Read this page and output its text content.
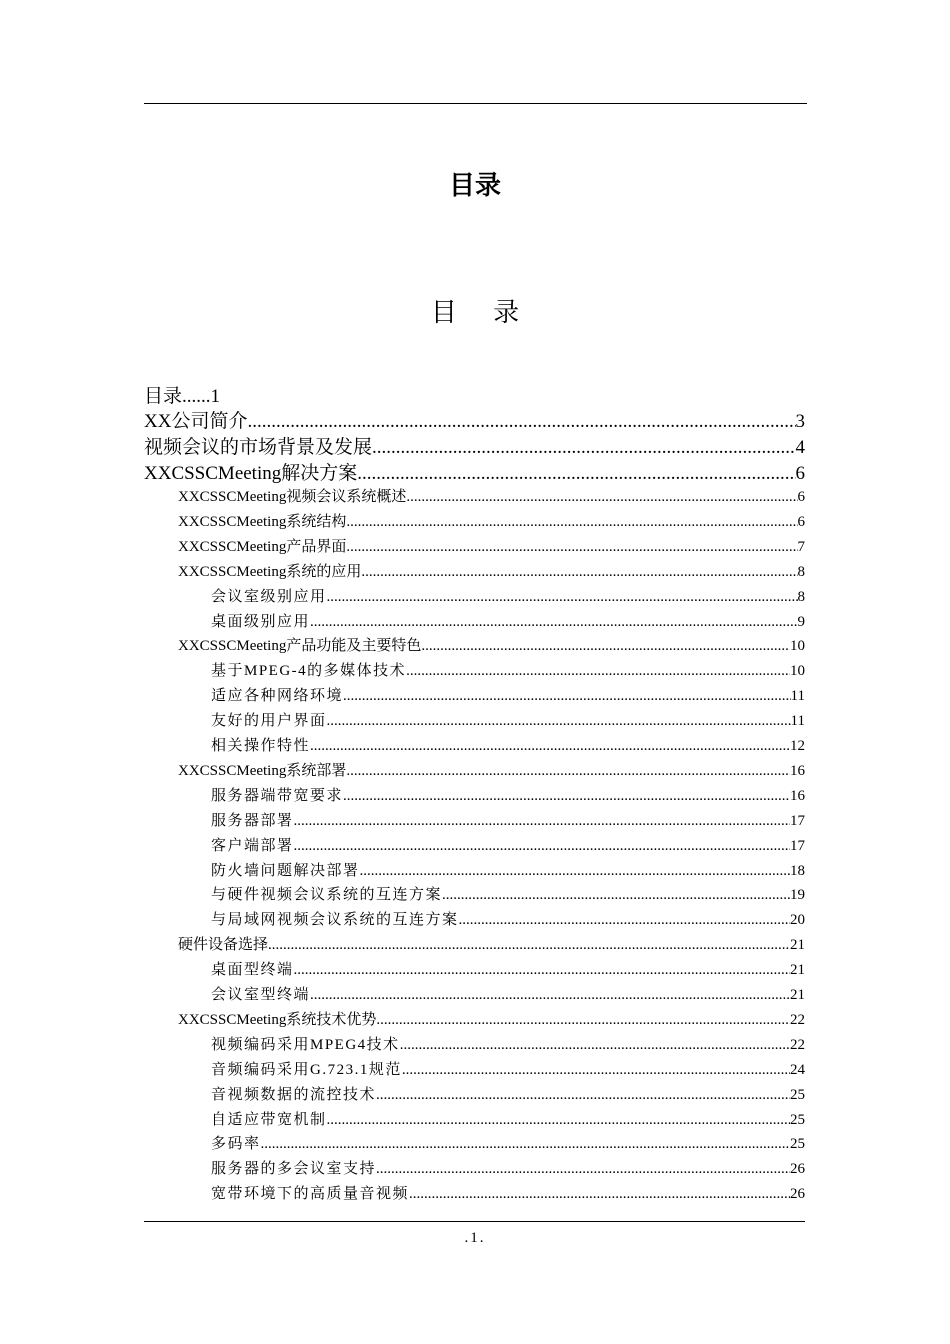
目录
目 录
目录......1
XX公司简介 .....	3
视频会议的市场背景及发展 .....	4
XXCSSCMeeting解决方案 .....	6
XXCSSCMeeting视频会议系统概述 .....	6
XXCSSCMeeting系统结构 .....	6
XXCSSCMeeting产品界面 .....	7
XXCSSCMeeting系统的应用 .....	8
会议室级别应用 .....	8
桌面级别应用 .....	9
XXCSSCMeeting产品功能及主要特色 .....	10
基于MPEG-4的多媒体技术 .....	10
适应各种网络环境 .....	11
友好的用户界面 .....	11
相关操作特性 .....	12
XXCSSCMeeting系统部署 .....	16
服务器端带宽要求 .....	16
服务器部署 .....	17
客户端部署 .....	17
防火墙问题解决部署 .....	18
与硬件视频会议系统的互连方案 .....	19
与局域网视频会议系统的互连方案 .....	20
硬件设备选择 .....	21
桌面型终端 .....	21
会议室型终端 .....	21
XXCSSCMeeting系统技术优势 .....	22
视频编码采用MPEG4技术 .....	22
音频编码采用G.723.1规范 .....	24
音视频数据的流控技术 .....	25
自适应带宽机制 .....	25
多码率 .....	25
服务器的多会议室支持 .....	26
宽带环境下的高质量音视频 .....	26
.1.
